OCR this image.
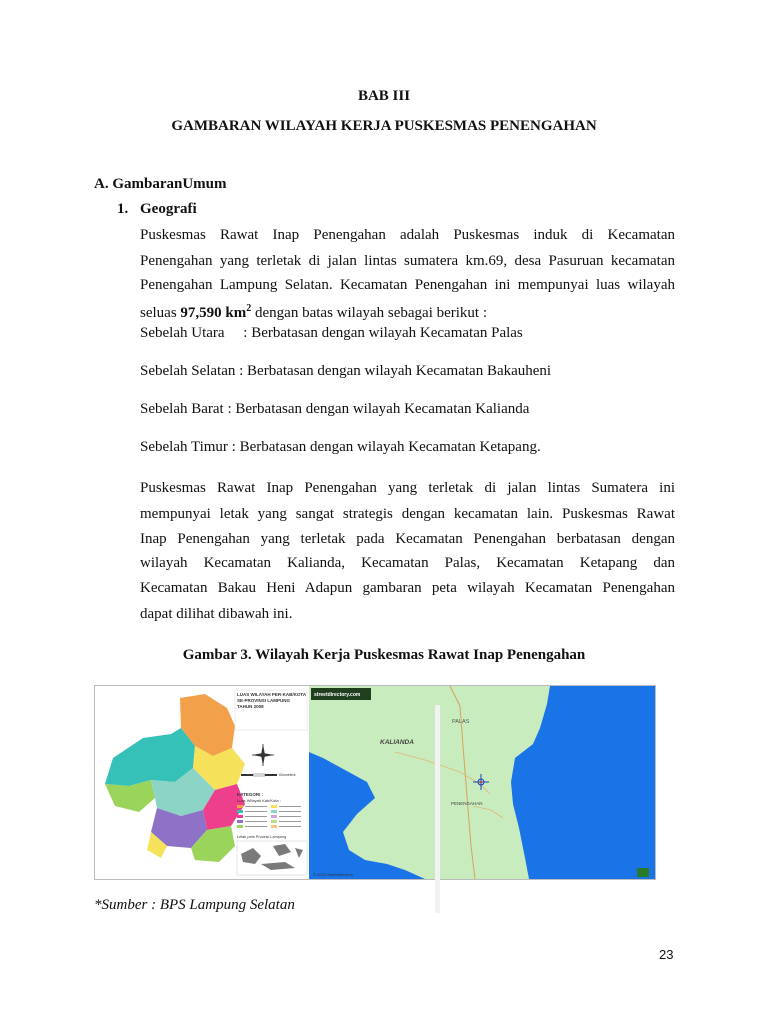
BAB III
GAMBARAN WILAYAH KERJA PUSKESMAS PENENGAHAN
A. GambaranUmum
1. Geografi
Puskesmas Rawat Inap Penengahan adalah Puskesmas induk di Kecamatan
Penengahan yang terletak di jalan lintas sumatera km.69, desa Pasuruan kecamatan
Penengahan Lampung Selatan. Kecamatan Penengahan ini mempunyai luas wilayah
seluas 97,590 $km^2$ dengan batas wilayah sebagai berikut :
Sebelah Utara     : Berbatasan dengan wilayah Kecamatan Palas
Sebelah Selatan : Berbatasan dengan wilayah Kecamatan Bakauheni
Sebelah Barat : Berbatasan dengan wilayah Kecamatan Kalianda
Sebelah Timur : Berbatasan dengan wilayah Kecamatan Ketapang.
Puskesmas Rawat Inap Penengahan yang terletak di jalan lintas Sumatera ini
mempunyai letak yang sangat strategis dengan kecamatan lain. Puskesmas Rawat
Inap Penengahan yang terletak pada Kecamatan Penengahan berbatasan dengan
wilayah Kecamatan Kalianda, Kecamatan Palas, Kecamatan Ketapang dan
Kecamatan Bakau Heni Adapun gambaran peta wilayah Kecamatan Penengahan
dapat dilihat dibawah ini.
Gambar 3. Wilayah Kerja Puskesmas Rawat Inap Penengahan
LUAS WILAYAH PER-KAB/KOTA
SE-PROVINSI LAMPUNG
TAHUN 2008
Kilometers
KATEGORI :
Luas Wilayah Kab/Kota :
Letak peta Provinsi Lampung
streetdirectory.com
PALAS
KALIANDA
PENENGAHAN
© 2010 Streetdirectory
*Sumber : BPS Lampung Selatan
23
